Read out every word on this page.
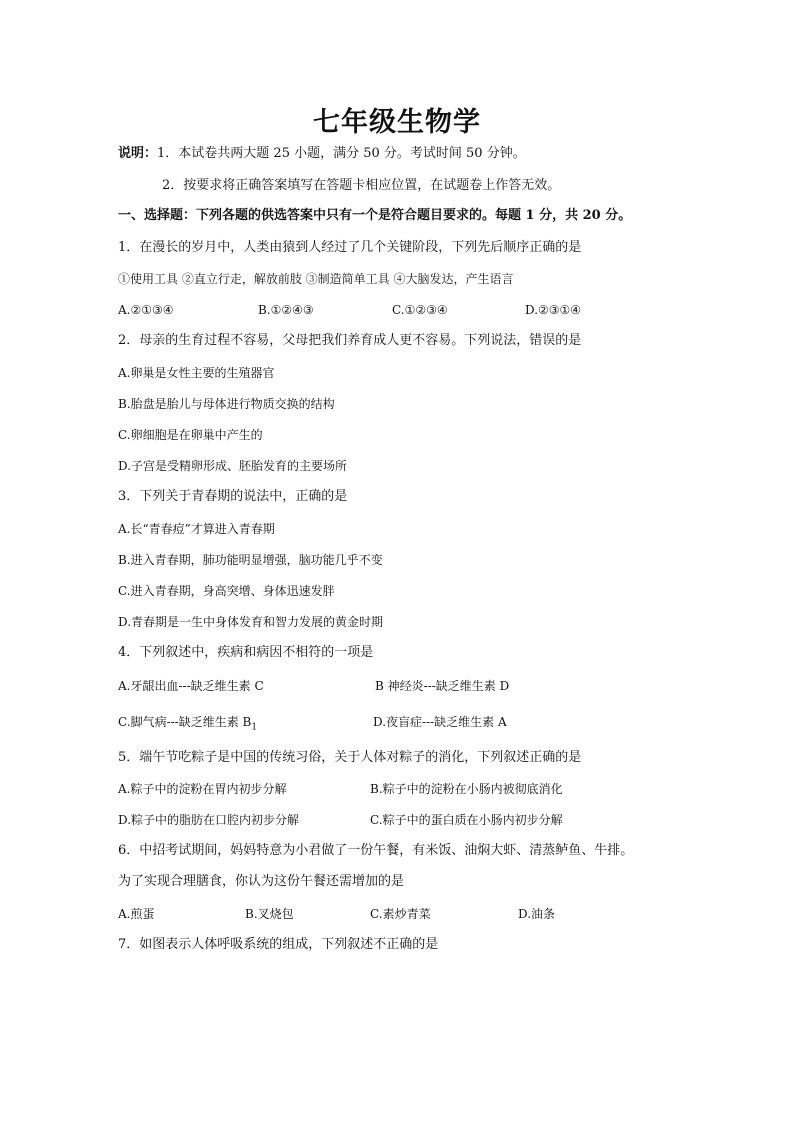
七年级生物学
说明：1．本试卷共两大题 25 小题，满分 50 分。考试时间 50 分钟。
2．按要求将正确答案填写在答题卡相应位置，在试题卷上作答无效。
一、选择题：下列各题的供选答案中只有一个是符合题目要求的。每题 1 分，共 20 分。
1．在漫长的岁月中，人类由猿到人经过了几个关键阶段，下列先后顺序正确的是
①使用工具 ②直立行走，解放前肢 ③制造简单工具 ④大脑发达，产生语言
A.②①③④	B.①②④③	C.①②③④	D.②③①④
2．母亲的生育过程不容易，父母把我们养育成人更不容易。下列说法，错误的是
A.卵巢是女性主要的生殖器官
B.胎盘是胎儿与母体进行物质交换的结构
C.卵细胞是在卵巢中产生的
D.子宫是受精卵形成、胚胎发育的主要场所
3．下列关于青春期的说法中，正确的是
A.长“青春痘”才算进入青春期
B.进入青春期，肺功能明显增强，脑功能几乎不变
C.进入青春期，身高突增、身体迅速发胖
D.青春期是一生中身体发育和智力发展的黄金时期
4．下列叙述中，疾病和病因不相符的一项是
A.牙龈出血---缺乏维生素 C	B 神经炎---缺乏维生素 D
C.脚气病---缺乏维生素 $B_1$	D.夜盲症---缺乏维生素 A
5．端午节吃粽子是中国的传统习俗，关于人体对粽子的消化，下列叙述正确的是
A.粽子中的淀粉在胃内初步分解	B.粽子中的淀粉在小肠内被彻底消化
D.粽子中的脂肪在口腔内初步分解	C.粽子中的蛋白质在小肠内初步分解
6．中招考试期间，妈妈特意为小君做了一份午餐，有米饭、油焖大虾、清蒸鲈鱼、牛排。
为了实现合理膳食，你认为这份午餐还需增加的是
A.煎蛋	B.叉烧包	C.素炒青菜	D.油条
7．如图表示人体呼吸系统的组成，下列叙述不正确的是
